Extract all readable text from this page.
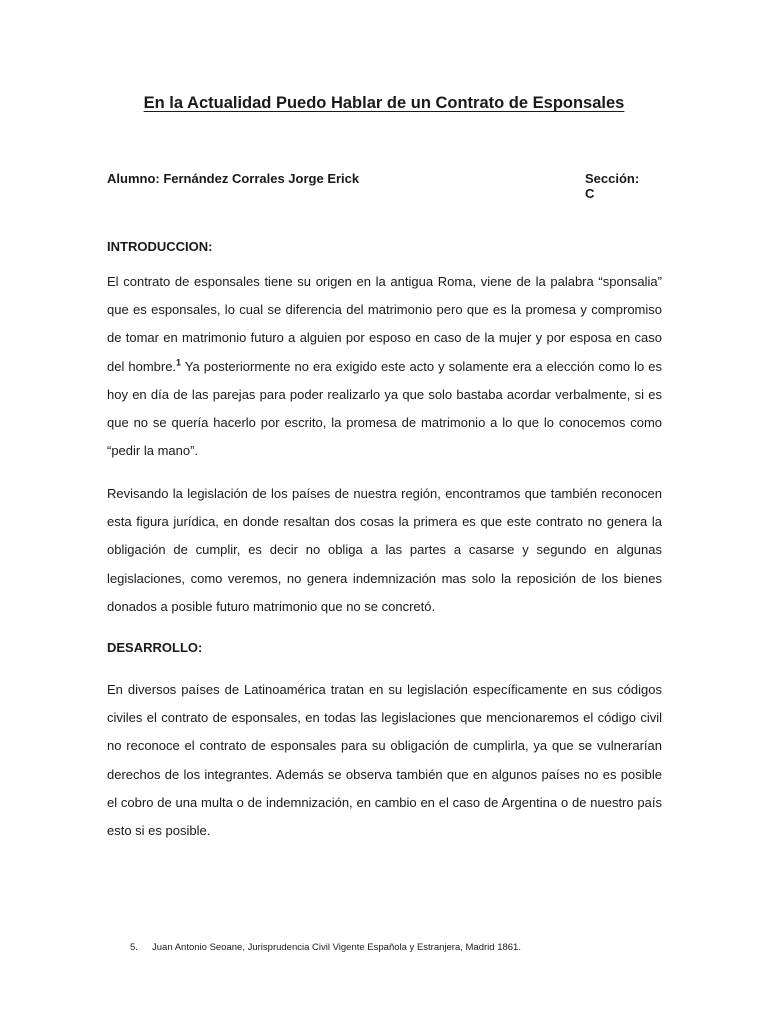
En la Actualidad Puedo Hablar de un Contrato de Esponsales
Alumno: Fernández Corrales Jorge Erick	Sección: C
INTRODUCCION:
El contrato de esponsales tiene su origen en la antigua Roma, viene de la palabra “sponsalia” que es esponsales, lo cual se diferencia del matrimonio pero que es la promesa y compromiso de tomar en matrimonio futuro a alguien por esposo en caso de la mujer y por esposa en caso del hombre.$^1$ Ya posteriormente no era exigido este acto y solamente era a elección como lo es hoy en día de las parejas para poder realizarlo ya que solo bastaba acordar verbalmente, si es que no se quería hacerlo por escrito, la promesa de matrimonio a lo que lo conocemos como “pedir la mano”.
Revisando la legislación de los países de nuestra región, encontramos que también reconocen esta figura jurídica, en donde resaltan dos cosas la primera es que este contrato no genera la obligación de cumplir, es decir no obliga a las partes a casarse y segundo en algunas legislaciones, como veremos, no genera indemnización mas solo la reposición de los bienes donados a posible futuro matrimonio que no se concretó.
DESARROLLO:
En diversos países de Latinoamérica tratan en su legislación específicamente en sus códigos civiles el contrato de esponsales, en todas las legislaciones que mencionaremos el código civil no reconoce el contrato de esponsales para su obligación de cumplirla, ya que se vulnerarían derechos de los integrantes. Además se observa también que en algunos países no es posible el cobro de una multa o de indemnización, en cambio en el caso de Argentina o de nuestro país esto si es posible.
5. Juan Antonio Seoane, Jurisprudencia Civil Vigente Española y Estranjera, Madrid 1861.
